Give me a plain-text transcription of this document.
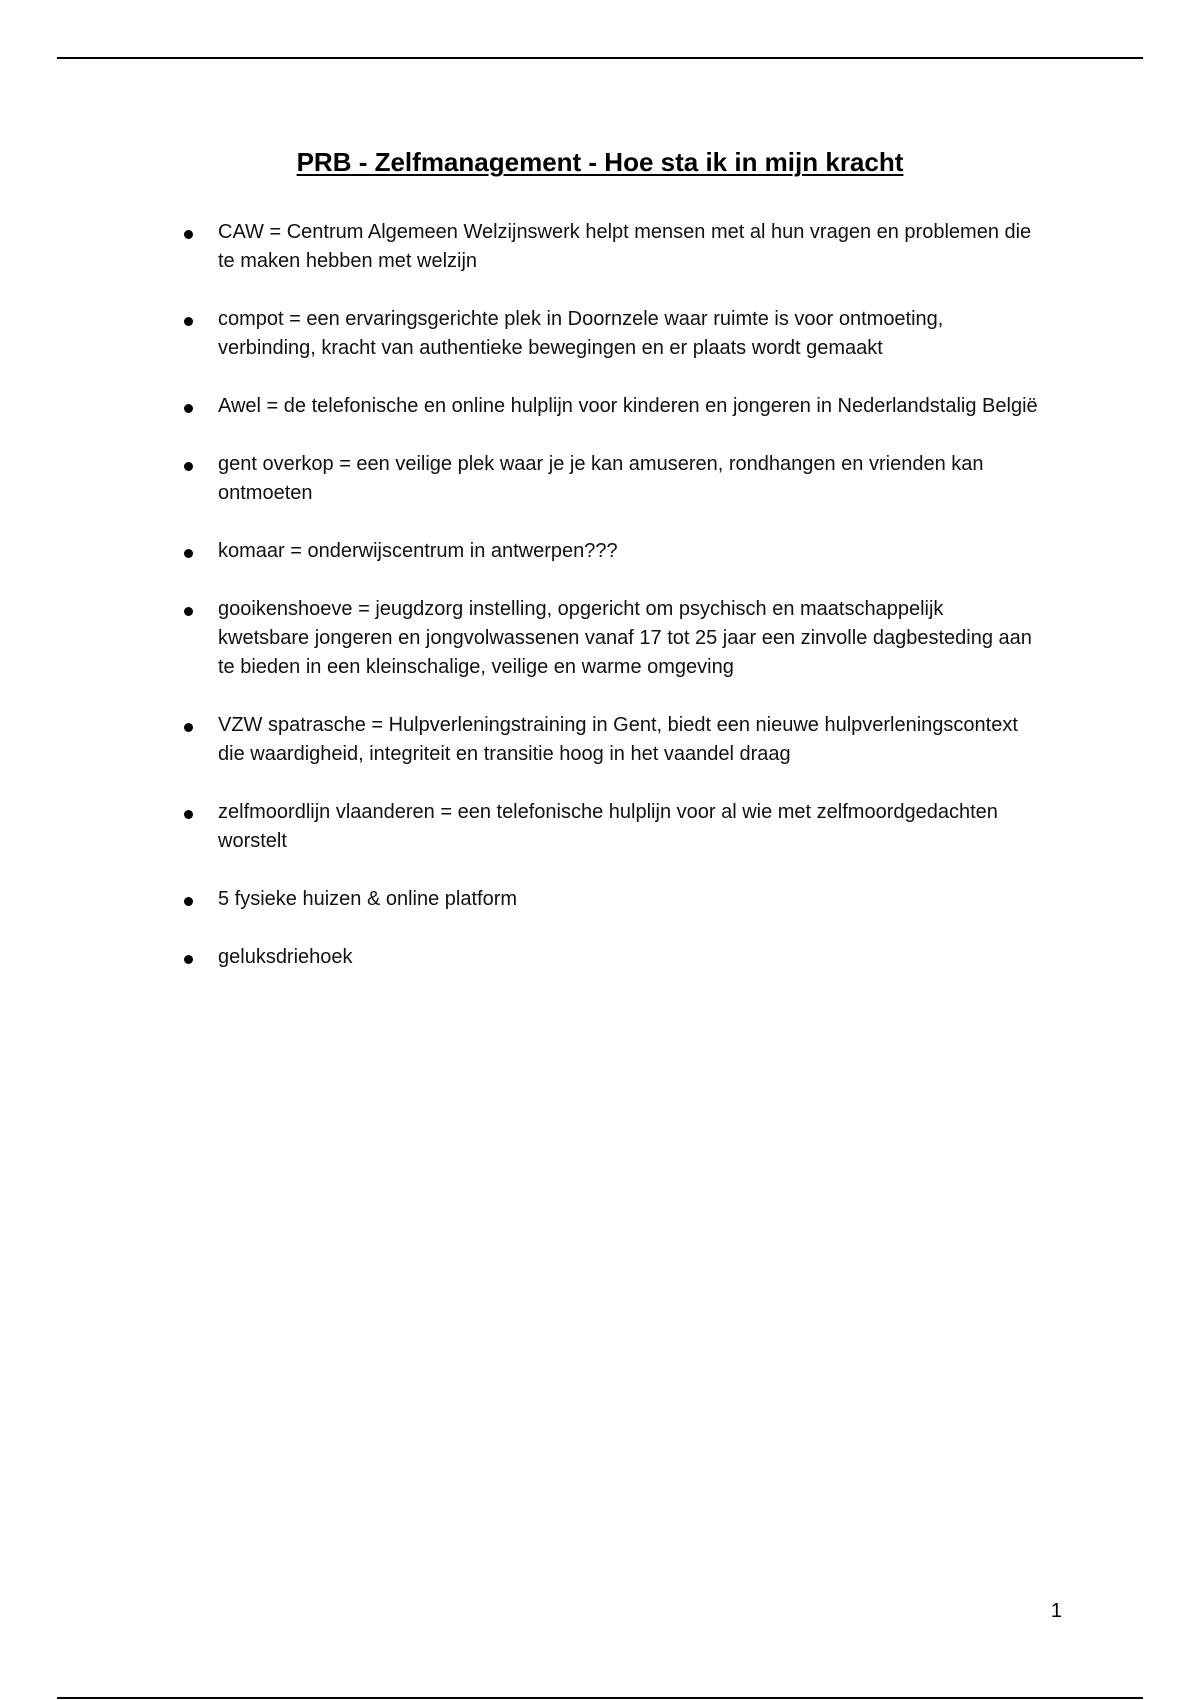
PRB - Zelfmanagement - Hoe sta ik in mijn kracht
CAW = Centrum Algemeen Welzijnswerk helpt mensen met al hun vragen en problemen die te maken hebben met welzijn
compot = een ervaringsgerichte plek in Doornzele waar ruimte is voor ontmoeting, verbinding, kracht van authentieke bewegingen en er plaats wordt gemaakt
Awel = de telefonische en online hulplijn voor kinderen en jongeren in Nederlandstalig België
gent overkop = een veilige plek waar je je kan amuseren, rondhangen en vrienden kan ontmoeten
komaar = onderwijscentrum in antwerpen???
gooikenshoeve = jeugdzorg instelling, opgericht om psychisch en maatschappelijk kwetsbare jongeren en jongvolwassenen vanaf 17 tot 25 jaar een zinvolle dagbesteding aan te bieden in een kleinschalige, veilige en warme omgeving
VZW spatrasche = Hulpverleningstraining in Gent, biedt een nieuwe hulpverleningscontext die waardigheid, integriteit en transitie hoog in het vaandel draag
zelfmoordlijn vlaanderen = een telefonische hulplijn voor al wie met zelfmoordgedachten worstelt
5 fysieke huizen & online platform
geluksdriehoek
1
